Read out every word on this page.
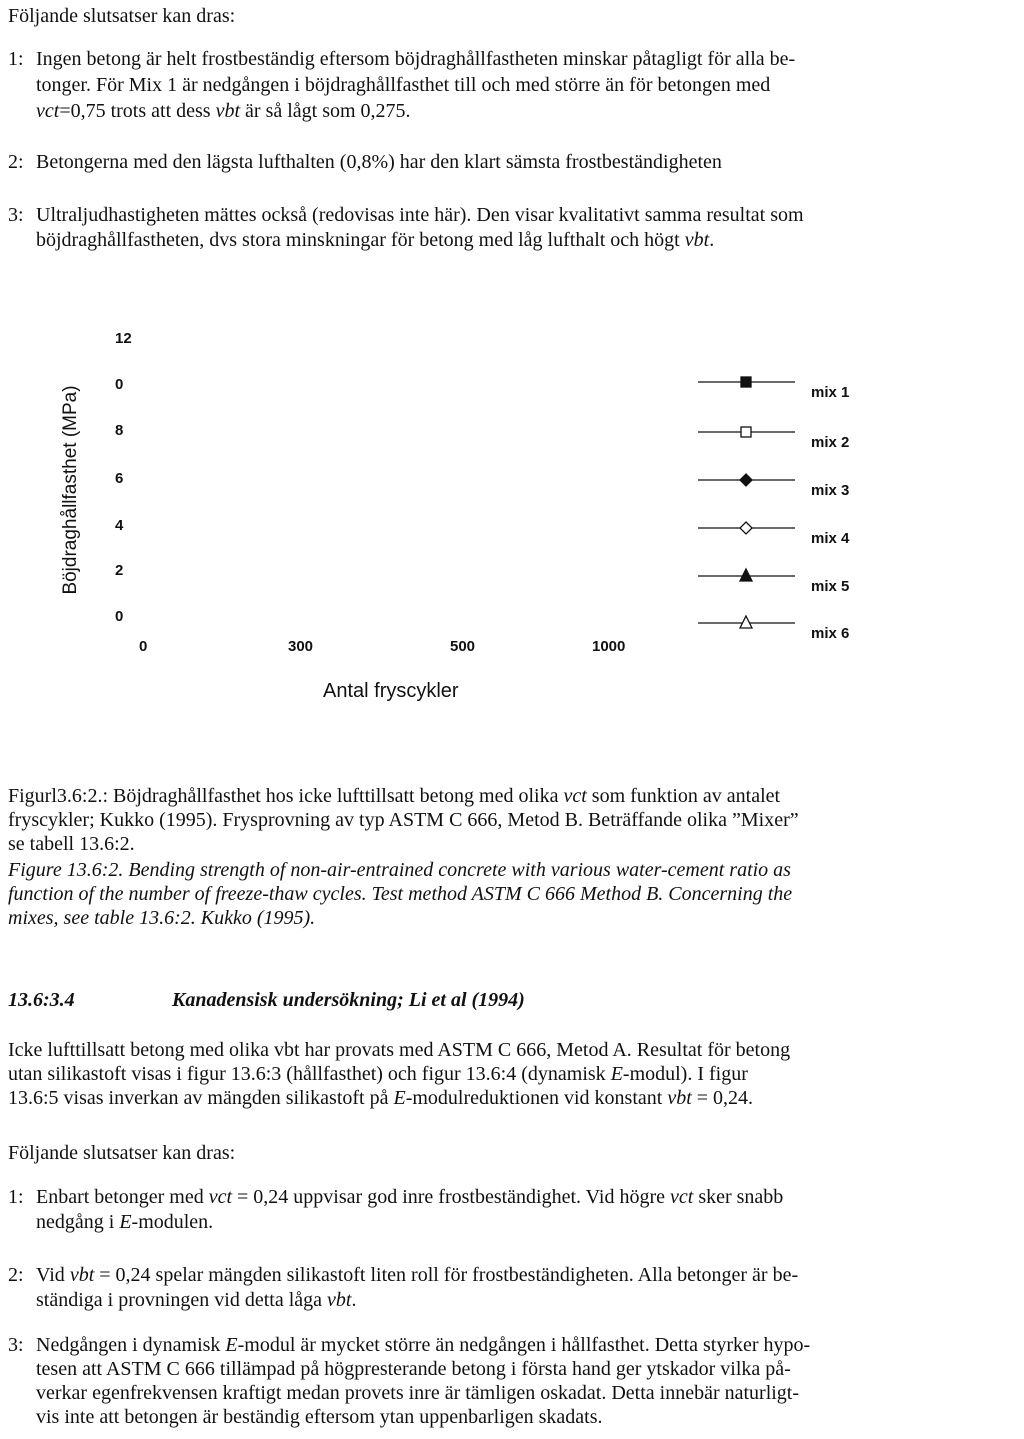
Följande slutsatser kan dras:
1: Ingen betong är helt frostbeständig eftersom böjdraghållfastheten minskar påtagligt för alla be-
tonger. För Mix 1 är nedgången i böjdraghållfasthet till och med större än för betongen med
vct=0,75 trots att dess vbt är så lågt som 0,275.
2: Betongerna med den lägsta lufthalten (0,8%) har den klart sämsta frostbeständigheten
3: Ultraljudhastigheten mättes också (redovisas inte här). Den visar kvalitativt samma resultat som
böjdraghållfastheten, dvs stora minskningar för betong med låg lufthalt och högt vbt.
Böjdraghållfasthet (MPa)
12
0
8
6
4
2
0
0	300	500	1000
Antal fryscykler
mix 1
mix 2
mix 3
mix 4
mix 5
mix 6
Figurl3.6:2.: Böjdraghållfasthet hos icke lufttillsatt betong med olika vct som funktion av antalet
fryscykler; Kukko (1995). Frysprovning av typ ASTM C 666, Metod B. Beträffande olika ”Mixer”
se tabell 13.6:2.
Figure 13.6:2. Bending strength of non-air-entrained concrete with various water-cement ratio as
function of the number of freeze-thaw cycles. Test method ASTM C 666 Method B. Concerning the
mixes, see table 13.6:2. Kukko (1995).
13.6:3.4	Kanadensisk undersökning; Li et al (1994)
Icke lufttillsatt betong med olika vbt har provats med ASTM C 666, Metod A. Resultat för betong
utan silikastoft visas i figur 13.6:3 (hållfasthet) och figur 13.6:4 (dynamisk E-modul). I figur
13.6:5 visas inverkan av mängden silikastoft på E-modulreduktionen vid konstant vbt = 0,24.
Följande slutsatser kan dras:
1: Enbart betonger med vct = 0,24 uppvisar god inre frostbeständighet. Vid högre vct sker snabb
nedgång i E-modulen.
2: Vid vbt = 0,24 spelar mängden silikastoft liten roll för frostbeständigheten. Alla betonger är be-
ständiga i provningen vid detta låga vbt.
3: Nedgången i dynamisk E-modul är mycket större än nedgången i hållfasthet. Detta styrker hypo-
tesen att ASTM C 666 tillämpad på högpresterande betong i första hand ger ytskador vilka på-
verkar egenfrekvensen kraftigt medan provets inre är tämligen oskadat. Detta innebär naturligt-
vis inte att betongen är beständig eftersom ytan uppenbarligen skadats.
